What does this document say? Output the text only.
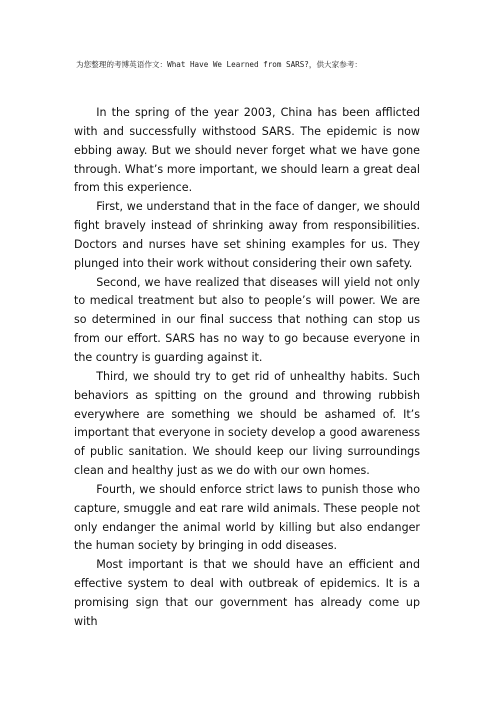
为您整理的考博英语作文：What Have We Learned from SARS?，供大家参考：

In the spring of the year 2003, China has been afflicted with and successfully withstood SARS. The epidemic is now ebbing away. But we should never forget what we have gone through. What’s more important, we should learn a great deal from this experience.

First, we understand that in the face of danger, we should fight bravely instead of shrinking away from responsibilities. Doctors and nurses have set shining examples for us. They plunged into their work without considering their own safety.

Second, we have realized that diseases will yield not only to medical treatment but also to people’s will power. We are so determined in our final success that nothing can stop us from our effort. SARS has no way to go because everyone in the country is guarding against it.

Third, we should try to get rid of unhealthy habits. Such behaviors as spitting on the ground and throwing rubbish everywhere are something we should be ashamed of. It’s important that everyone in society develop a good awareness of public sanitation. We should keep our living surroundings clean and healthy just as we do with our own homes.

Fourth, we should enforce strict laws to punish those who capture, smuggle and eat rare wild animals. These people not only endanger the animal world by killing but also endanger the human society by bringing in odd diseases.

Most important is that we should have an efficient and effective system to deal with outbreak of epidemics. It is a promising sign that our government has already come up with
